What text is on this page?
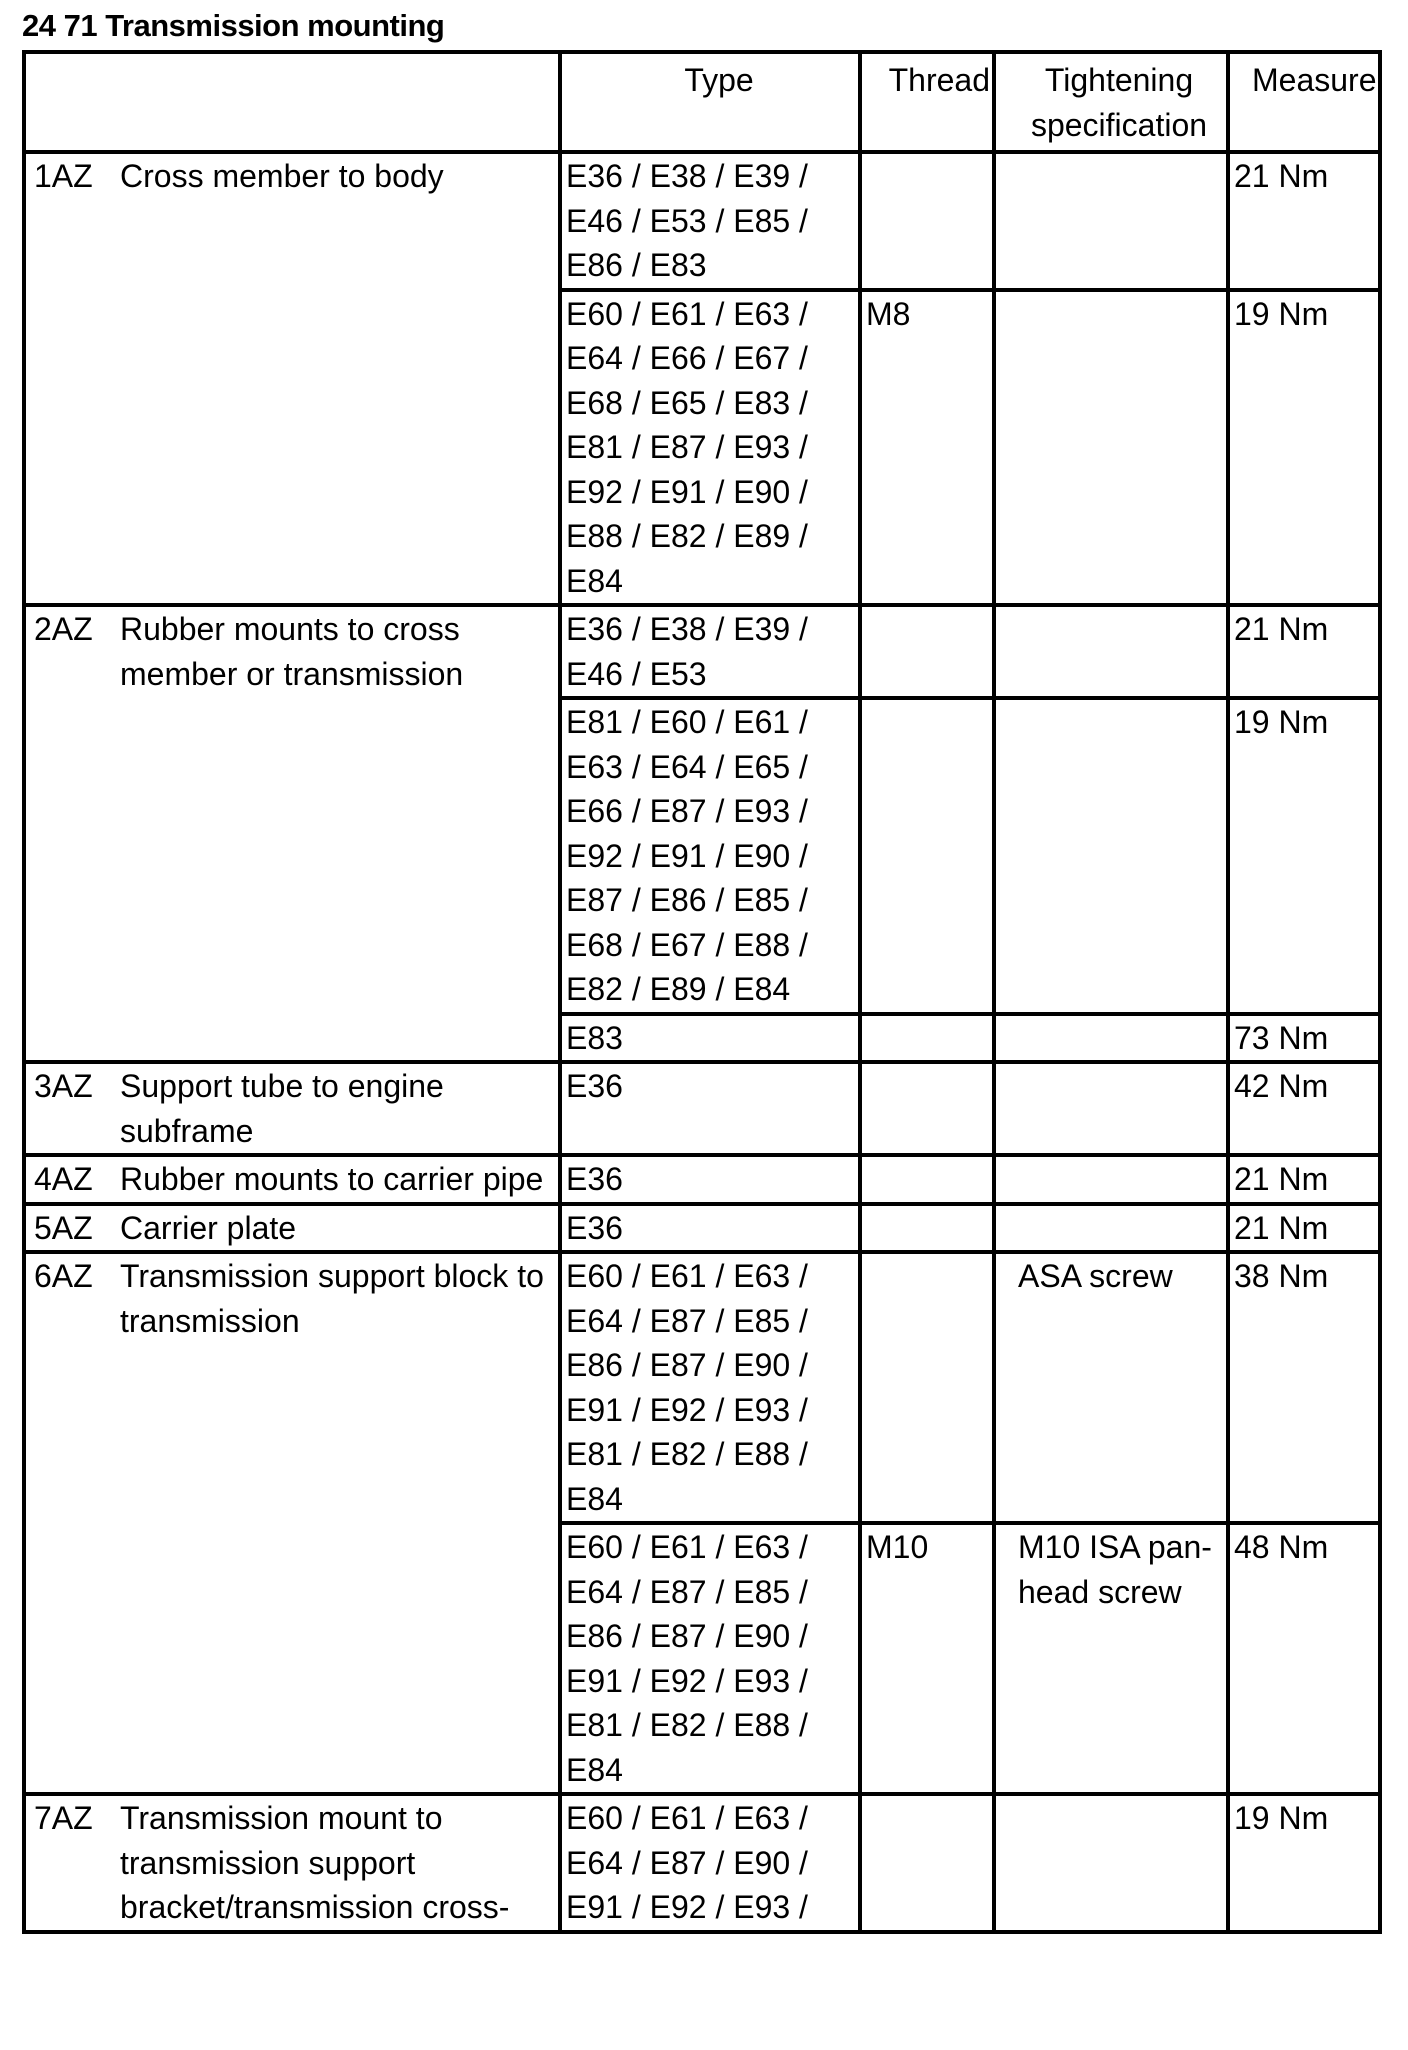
24 71 Transmission mounting
	Type	Thread	Tightening specification	Measure

1AZ Cross member to body	E36 / E38 / E39 / E46 / E53 / E85 / E86 / E83			21 Nm
	E60 / E61 / E63 / E64 / E66 / E67 / E68 / E65 / E83 / E81 / E87 / E93 / E92 / E91 / E90 / E88 / E82 / E89 / E84	M8		19 Nm

2AZ Rubber mounts to cross member or transmission	E36 / E38 / E39 / E46 / E53			21 Nm
	E81 / E60 / E61 / E63 / E64 / E65 / E66 / E87 / E93 / E92 / E91 / E90 / E87 / E86 / E85 / E68 / E67 / E88 / E82 / E89 / E84			19 Nm
	E83			73 Nm

3AZ Support tube to engine subframe	E36			42 Nm

4AZ Rubber mounts to carrier pipe	E36			21 Nm

5AZ Carrier plate	E36			21 Nm

6AZ Transmission support block to transmission	E60 / E61 / E63 / E64 / E87 / E85 / E86 / E87 / E90 / E91 / E92 / E93 / E81 / E82 / E88 / E84		ASA screw	38 Nm
	E60 / E61 / E63 / E64 / E87 / E85 / E86 / E87 / E90 / E91 / E92 / E93 / E81 / E82 / E88 / E84	M10	M10 ISA pan-head screw	48 Nm

7AZ Transmission mount to transmission support bracket/transmission cross-	E60 / E61 / E63 / E64 / E87 / E90 / E91 / E92 / E93 /			19 Nm
